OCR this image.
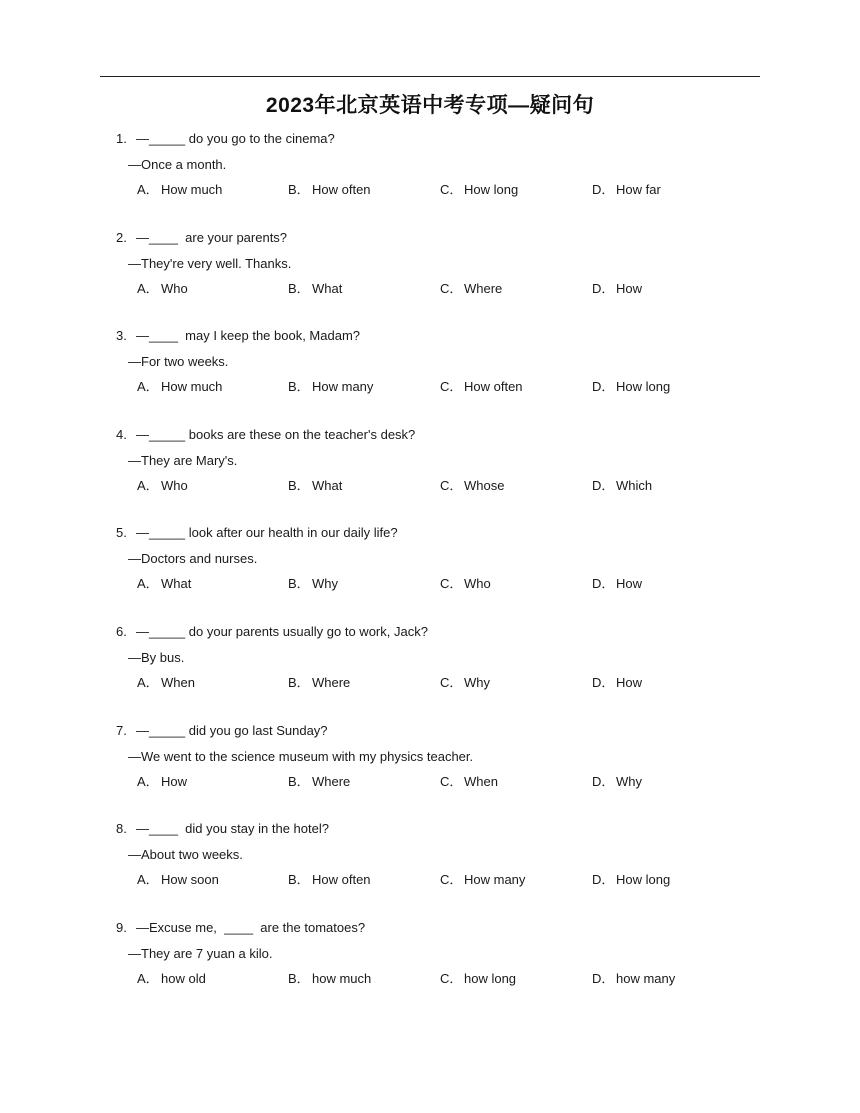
2023年北京英语中考专项—疑问句
1. —_____ do you go to the cinema?
—Once a month.
A． How much	B． How often	C． How long	D． How far
2. —____  are your parents?
—They're very well. Thanks.
A． Who	B． What	C． Where	D． How
3. —____  may I keep the book, Madam?
—For two weeks.
A． How much	B． How many	C． How often	D． How long
4. —_____ books are these on the teacher's desk?
—They are Mary's.
A． Who	B． What	C． Whose	D． Which
5. —_____ look after our health in our daily life?
—Doctors and nurses.
A． What	B． Why	C． Who	D． How
6. —_____ do your parents usually go to work, Jack?
—By bus.
A． When	B． Where	C． Why	D． How
7. —_____ did you go last Sunday?
—We went to the science museum with my physics teacher.
A． How	B． Where	C． When	D． Why
8. —____  did you stay in the hotel?
—About two weeks.
A． How soon	B． How often	C． How many	D． How long
9. —Excuse me,  ____  are the tomatoes?
—They are 7 yuan a kilo.
A． how old	B． how much	C． how long	D． how many
